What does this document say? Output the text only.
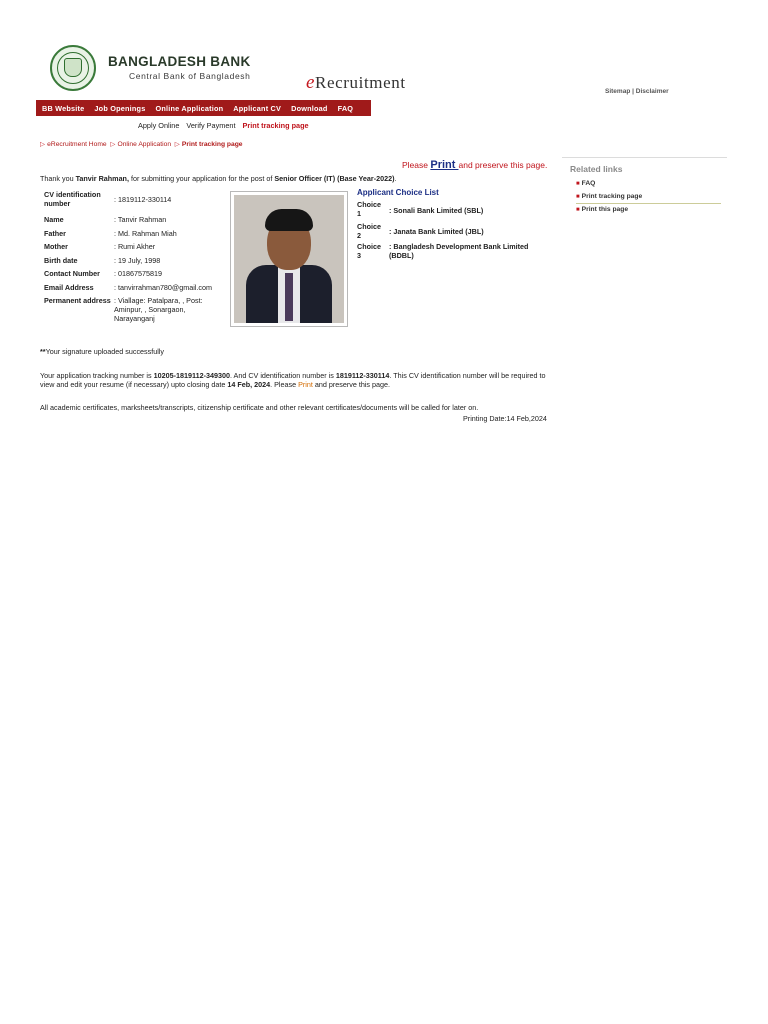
BANGLADESH BANK
Central Bank of Bangladesh	eRecruitment	Sitemap | Disclaimer
BB Website	Job Openings	Online Application	Applicant CV	Download	FAQ
Apply Online Verify Payment Print tracking page
▷ eRecruitment Home ▷ Online Application ▷ Print tracking page
Please Print and preserve this page.
Thank you Tanvir Rahman, for submitting your application for the post of Senior Officer (IT) (Base Year-2022).
CV identification number	: 1819112-330114
Name	: Tanvir Rahman
Father	: Md. Rahman Miah
Mother	: Rumi Akher
Birth date	: 19 July, 1998
Contact Number	: 01867575819
Email Address	: tanvirrahman780@gmail.com
Permanent address : Viallage: Patalpara, , Post: Aminpur, , Sonargaon, Narayanganj
Applicant Choice List
Choice 1	: Sonali Bank Limited (SBL)
Choice 2	: Janata Bank Limited (JBL)
Choice 3
: Bangladesh Development Bank Limited (BDBL)
**Your signature uploaded successfully
Your application tracking number is 10205-1819112-349300. And CV identification number is 1819112-330114. This CV identification number will be required to view and edit your resume (if necessary) upto closing date 14 Feb, 2024. Please Print and preserve this page.
All academic certificates, marksheets/transcripts, citizenship certificate and other relevant certificates/documents will be called for later on.
Printing Date:14 Feb,2024
Related links
■ FAQ
■ Print tracking page
■ Print this page
